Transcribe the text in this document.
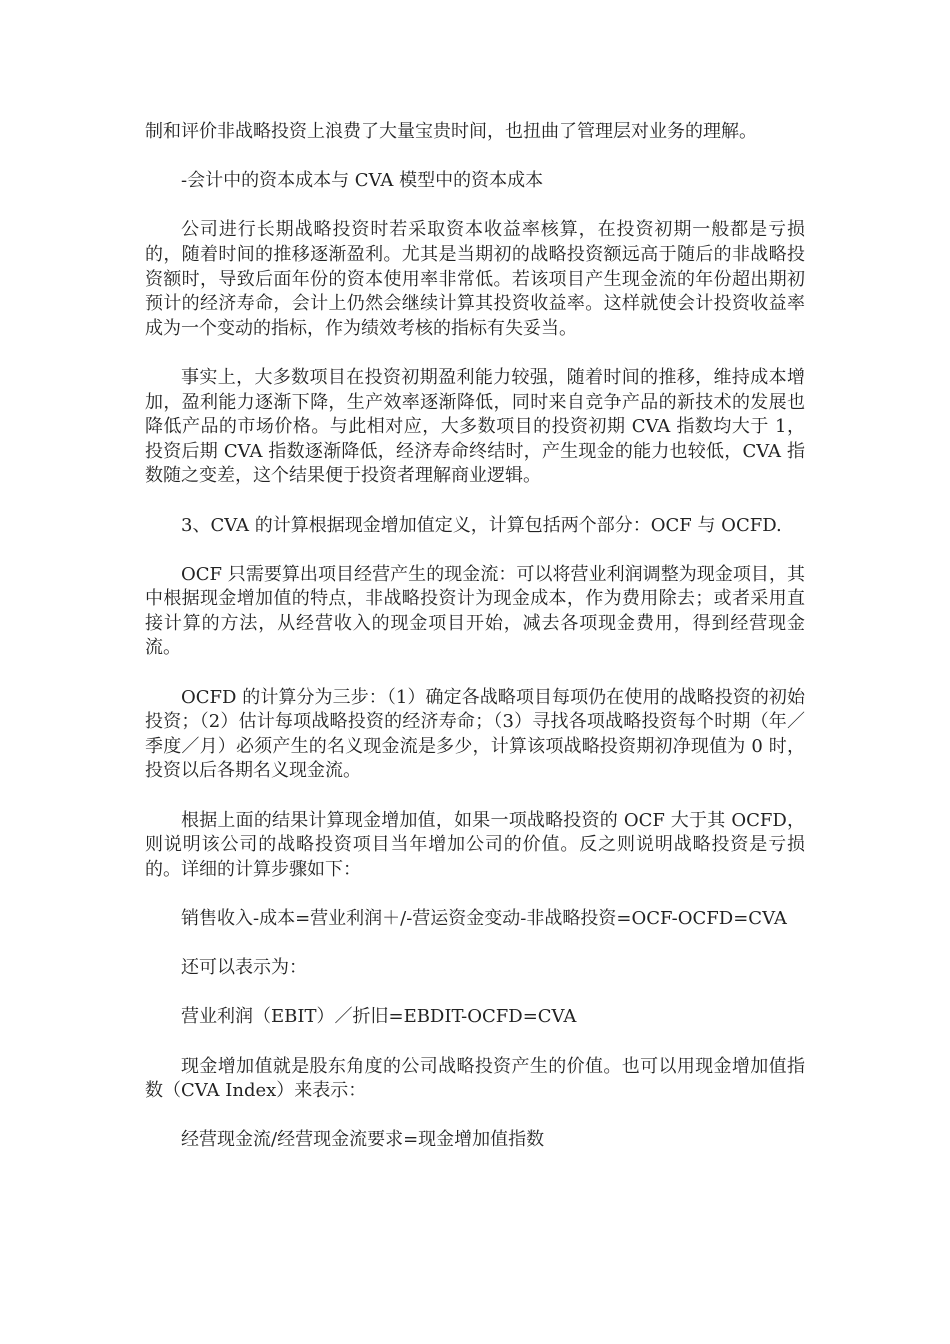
制和评价非战略投资上浪费了大量宝贵时间，也扭曲了管理层对业务的理解。

-会计中的资本成本与 CVA 模型中的资本成本

公司进行长期战略投资时若采取资本收益率核算，在投资初期一般都是亏损的，随着时间的推移逐渐盈利。尤其是当期初的战略投资额远高于随后的非战略投资额时，导致后面年份的资本使用率非常低。若该项目产生现金流的年份超出期初预计的经济寿命，会计上仍然会继续计算其投资收益率。这样就使会计投资收益率成为一个变动的指标，作为绩效考核的指标有失妥当。

事实上，大多数项目在投资初期盈利能力较强，随着时间的推移，维持成本增加，盈利能力逐渐下降，生产效率逐渐降低，同时来自竞争产品的新技术的发展也降低产品的市场价格。与此相对应，大多数项目的投资初期 CVA 指数均大于 1，投资后期 CVA 指数逐渐降低，经济寿命终结时，产生现金的能力也较低，CVA 指数随之变差，这个结果便于投资者理解商业逻辑。

3、CVA 的计算根据现金增加值定义，计算包括两个部分：OCF 与 OCFD.

OCF 只需要算出项目经营产生的现金流：可以将营业利润调整为现金项目，其中根据现金增加值的特点，非战略投资计为现金成本，作为费用除去；或者采用直接计算的方法，从经营收入的现金项目开始，减去各项现金费用，得到经营现金流。

OCFD 的计算分为三步：（1）确定各战略项目每项仍在使用的战略投资的初始投资；（2）估计每项战略投资的经济寿命；（3）寻找各项战略投资每个时期（年／季度／月）必须产生的名义现金流是多少，计算该项战略投资期初净现值为 0 时，投资以后各期名义现金流。

根据上面的结果计算现金增加值，如果一项战略投资的 OCF 大于其 OCFD，则说明该公司的战略投资项目当年增加公司的价值。反之则说明战略投资是亏损的。详细的计算步骤如下：

销售收入-成本=营业利润＋/-营运资金变动-非战略投资=OCF-OCFD=CVA

还可以表示为：

营业利润（EBIT）／折旧=EBDIT-OCFD=CVA

现金增加值就是股东角度的公司战略投资产生的价值。也可以用现金增加值指数（CVA Index）来表示：

经营现金流/经营现金流要求=现金增加值指数
